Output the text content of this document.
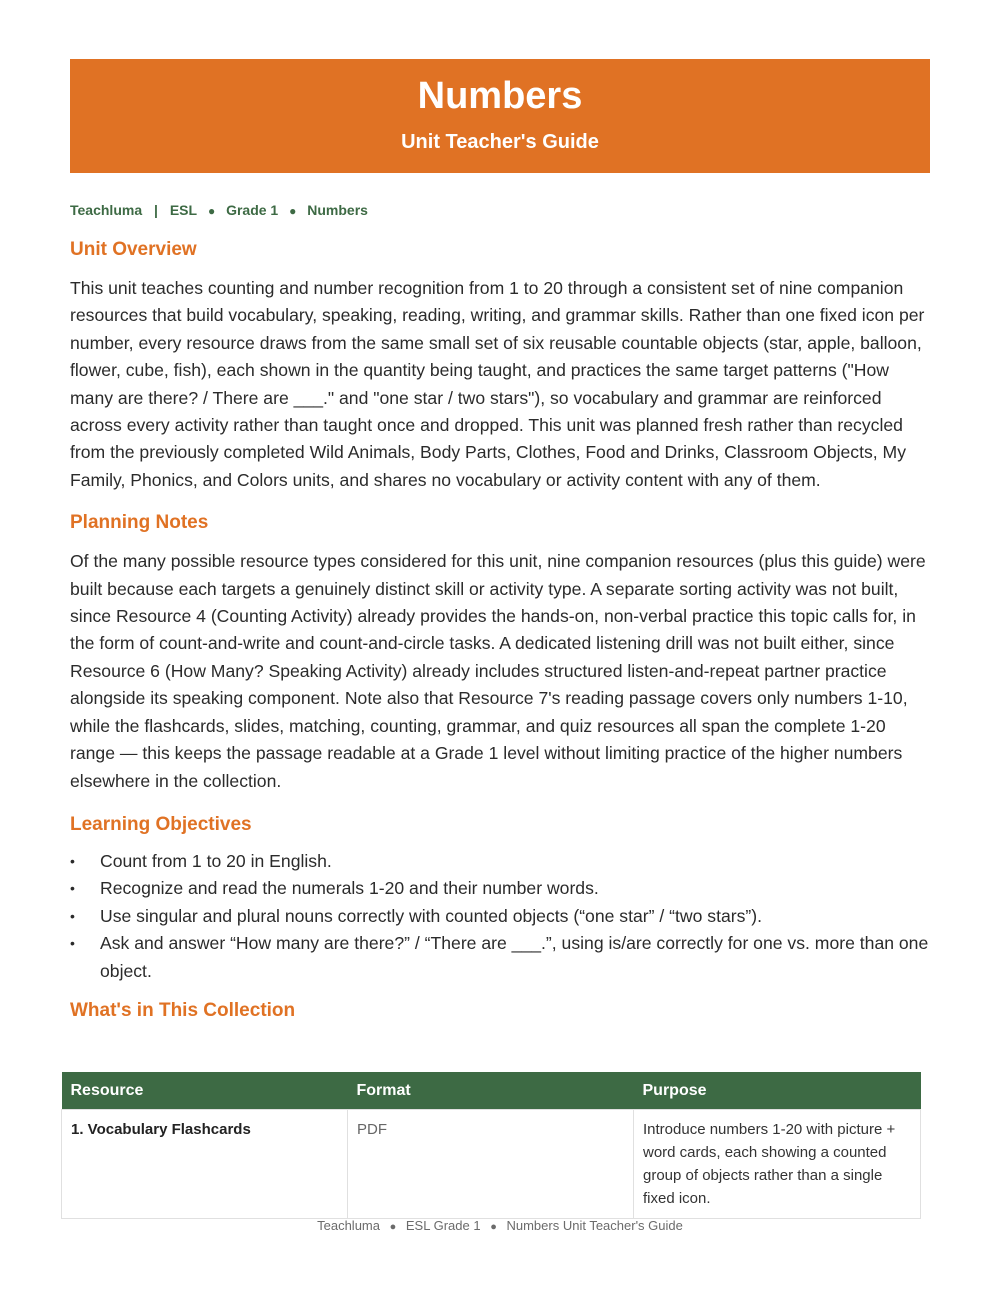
Numbers
Unit Teacher's Guide
Teachluma | ESL ● Grade 1 ● Numbers
Unit Overview

This unit teaches counting and number recognition from 1 to 20 through a consistent set of nine companion resources that build vocabulary, speaking, reading, writing, and grammar skills. Rather than one fixed icon per number, every resource draws from the same small set of six reusable countable objects (star, apple, balloon, flower, cube, fish), each shown in the quantity being taught, and practices the same target patterns ("How many are there? / There are ___." and "one star / two stars"), so vocabulary and grammar are reinforced across every activity rather than taught once and dropped. This unit was planned fresh rather than recycled from the previously completed Wild Animals, Body Parts, Clothes, Food and Drinks, Classroom Objects, My Family, Phonics, and Colors units, and shares no vocabulary or activity content with any of them.

Planning Notes

Of the many possible resource types considered for this unit, nine companion resources (plus this guide) were built because each targets a genuinely distinct skill or activity type. A separate sorting activity was not built, since Resource 4 (Counting Activity) already provides the hands-on, non-verbal practice this topic calls for, in the form of count-and-write and count-and-circle tasks. A dedicated listening drill was not built either, since Resource 6 (How Many? Speaking Activity) already includes structured listen-and-repeat partner practice alongside its speaking component. Note also that Resource 7's reading passage covers only numbers 1-10, while the flashcards, slides, matching, counting, grammar, and quiz resources all span the complete 1-20 range — this keeps the passage readable at a Grade 1 level without limiting practice of the higher numbers elsewhere in the collection.

Learning Objectives
• Count from 1 to 20 in English.
• Recognize and read the numerals 1-20 and their number words.
• Use singular and plural nouns correctly with counted objects (“one star” / “two stars”).
• Ask and answer “How many are there?” / “There are ___.”, using is/are correctly for one vs. more than one object.
What's in This Collection
Resource	Format	Purpose
1. Vocabulary Flashcards	PDF	Introduce numbers 1-20 with picture + word cards, each showing a counted group of objects rather than a single fixed icon.
Teachluma ● ESL Grade 1 ● Numbers Unit Teacher's Guide
